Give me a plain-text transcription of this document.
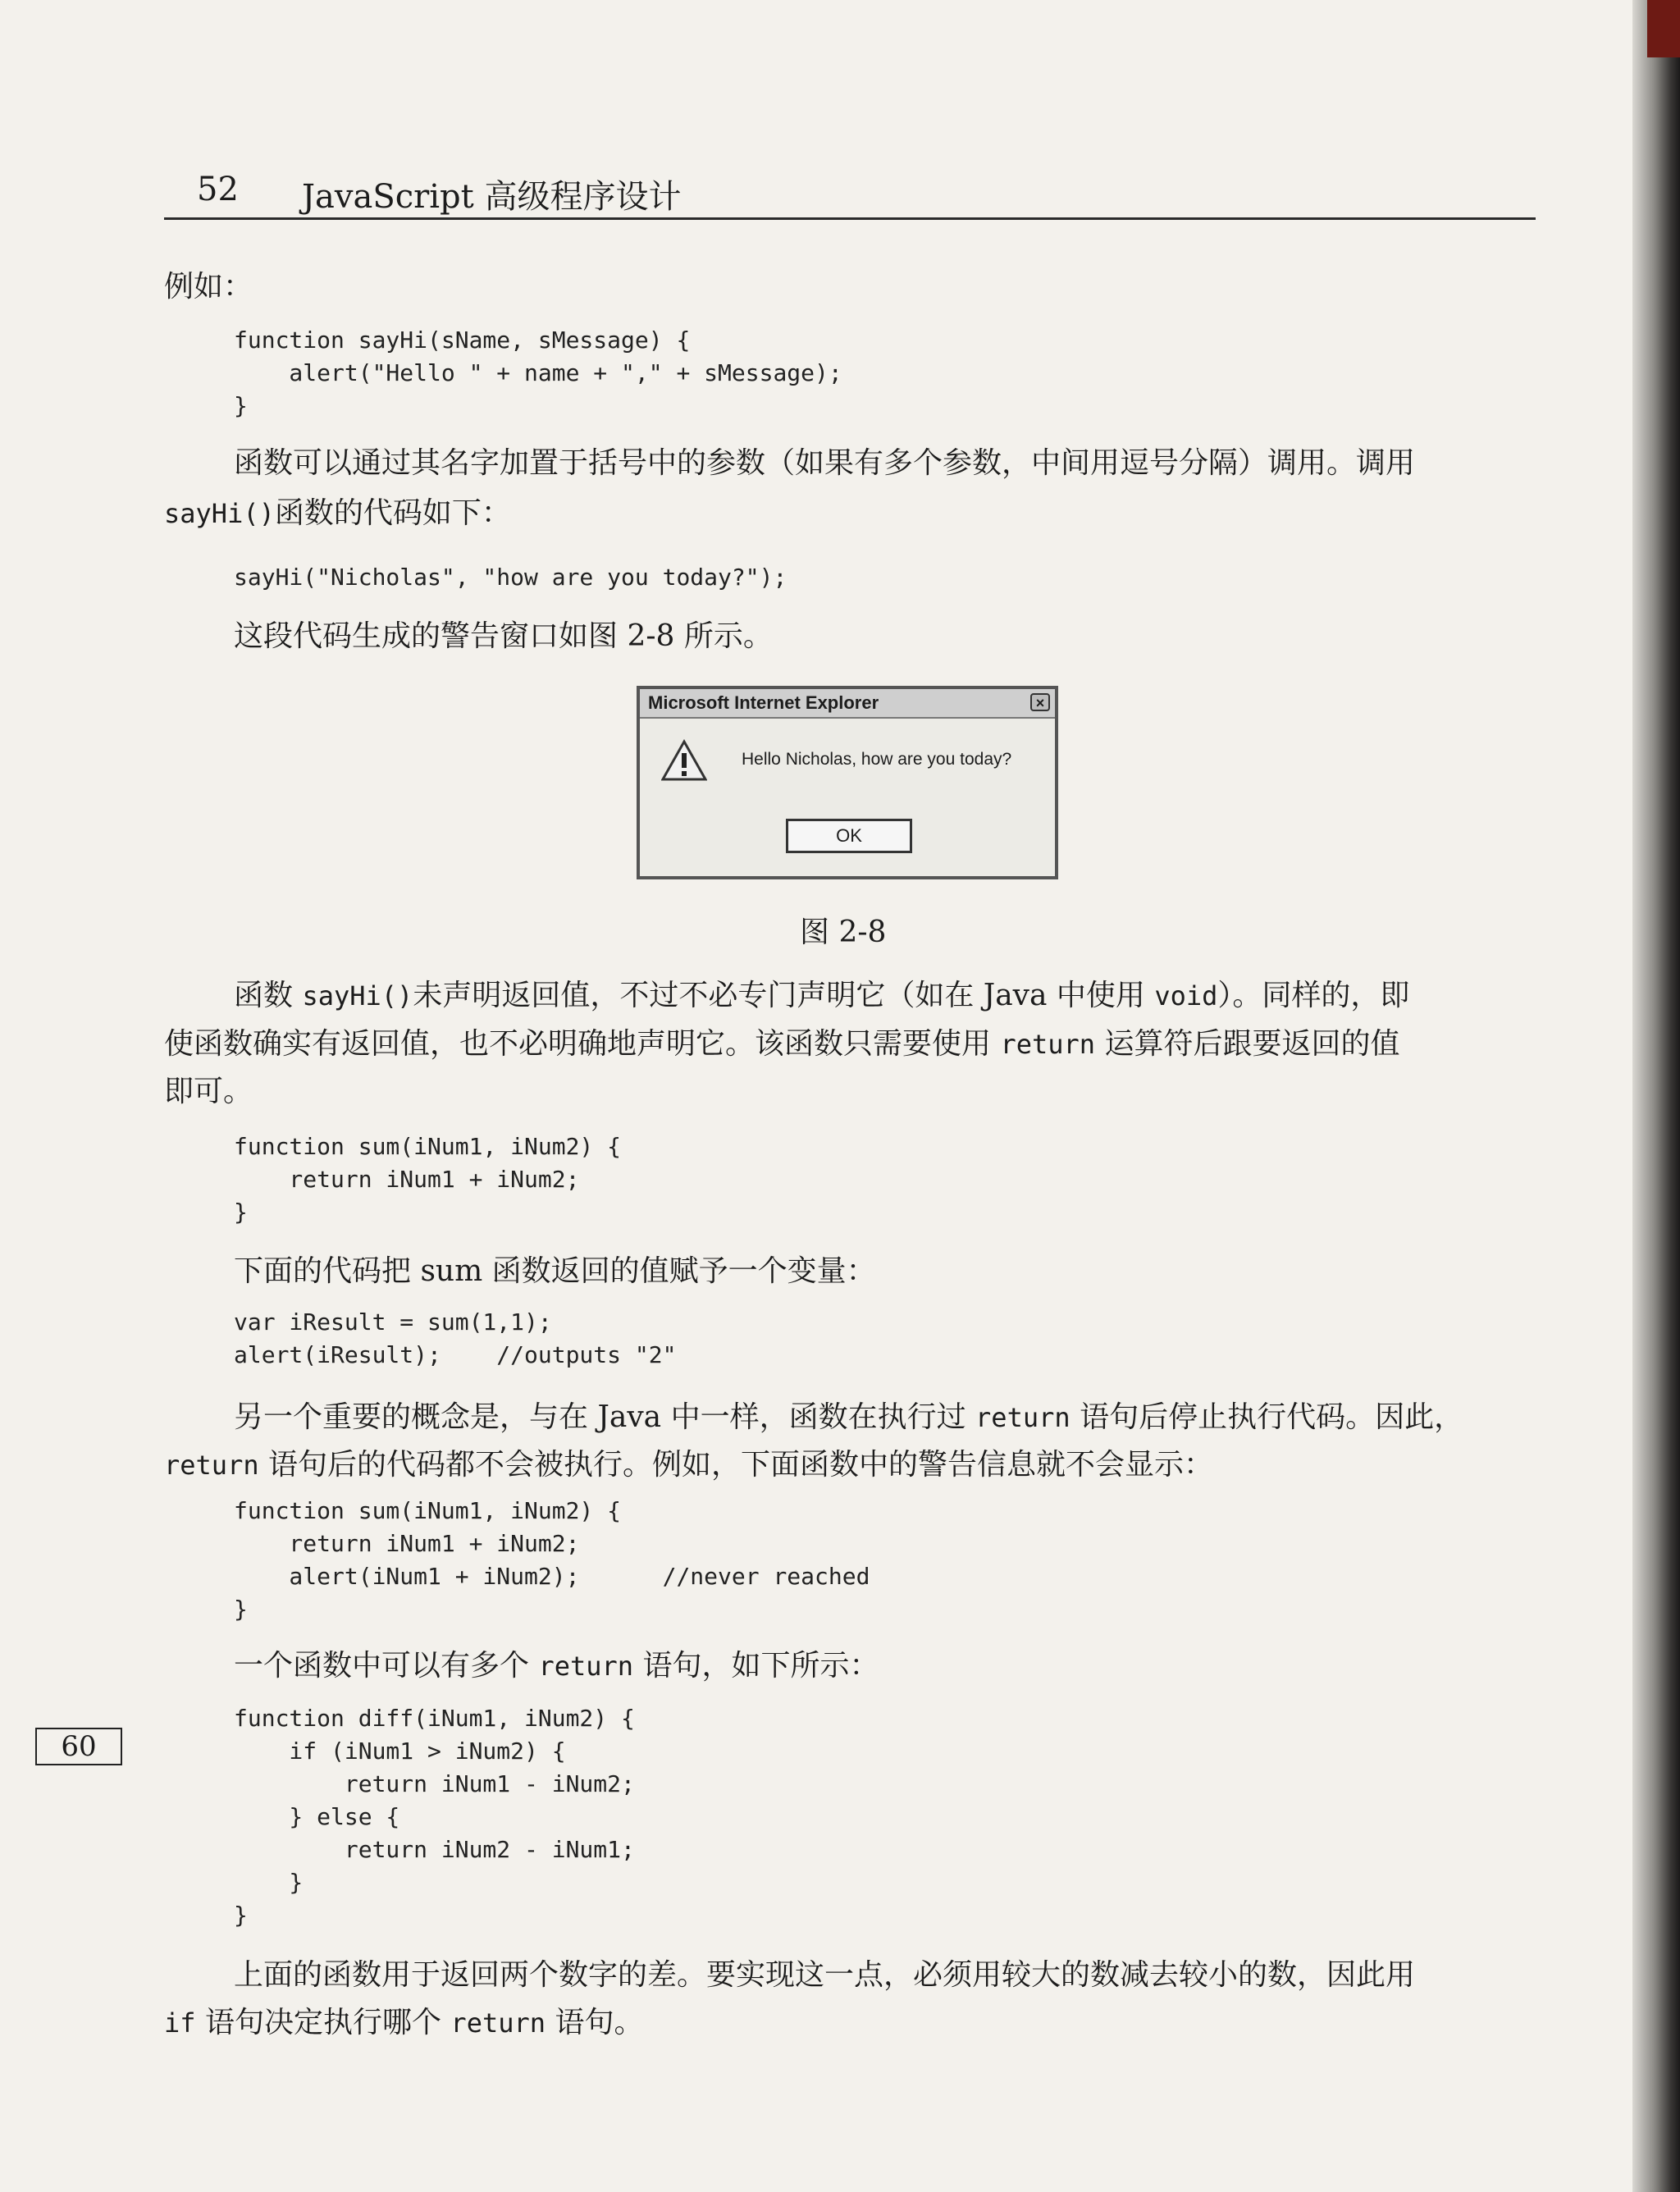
52 JavaScript 高级程序设计
例如：
function sayHi(sName, sMessage) {
alert("Hello " + name + "," + sMessage);
}
函数可以通过其名字加置于括号中的参数（如果有多个参数，中间用逗号分隔）调用。调用
sayHi()函数的代码如下：
sayHi("Nicholas", "how are you today?");
这段代码生成的警告窗口如图 2-8 所示。
Microsoft Internet Explorer	×
Hello Nicholas, how are you today?
OK
图 2-8
函数 sayHi()未声明返回值，不过不必专门声明它（如在 Java 中使用 void）。同样的，即
使函数确实有返回值，也不必明确地声明它。该函数只需要使用 return 运算符后跟要返回的值
即可。
function sum(iNum1, iNum2) {
return iNum1 + iNum2;
}
下面的代码把 sum 函数返回的值赋予一个变量：
var iResult = sum(1,1);
alert(iResult);    //outputs "2"
另一个重要的概念是，与在 Java 中一样，函数在执行过 return 语句后停止执行代码。因此，
return 语句后的代码都不会被执行。例如，下面函数中的警告信息就不会显示：
function sum(iNum1, iNum2) {
return iNum1 + iNum2;
alert(iNum1 + iNum2);      //never reached
}
一个函数中可以有多个 return 语句，如下所示：
60
function diff(iNum1, iNum2) {
if (iNum1 > iNum2) {
return iNum1 - iNum2;
} else {
return iNum2 - iNum1;
}
}
上面的函数用于返回两个数字的差。要实现这一点，必须用较大的数减去较小的数，因此用
if 语句决定执行哪个 return 语句。
